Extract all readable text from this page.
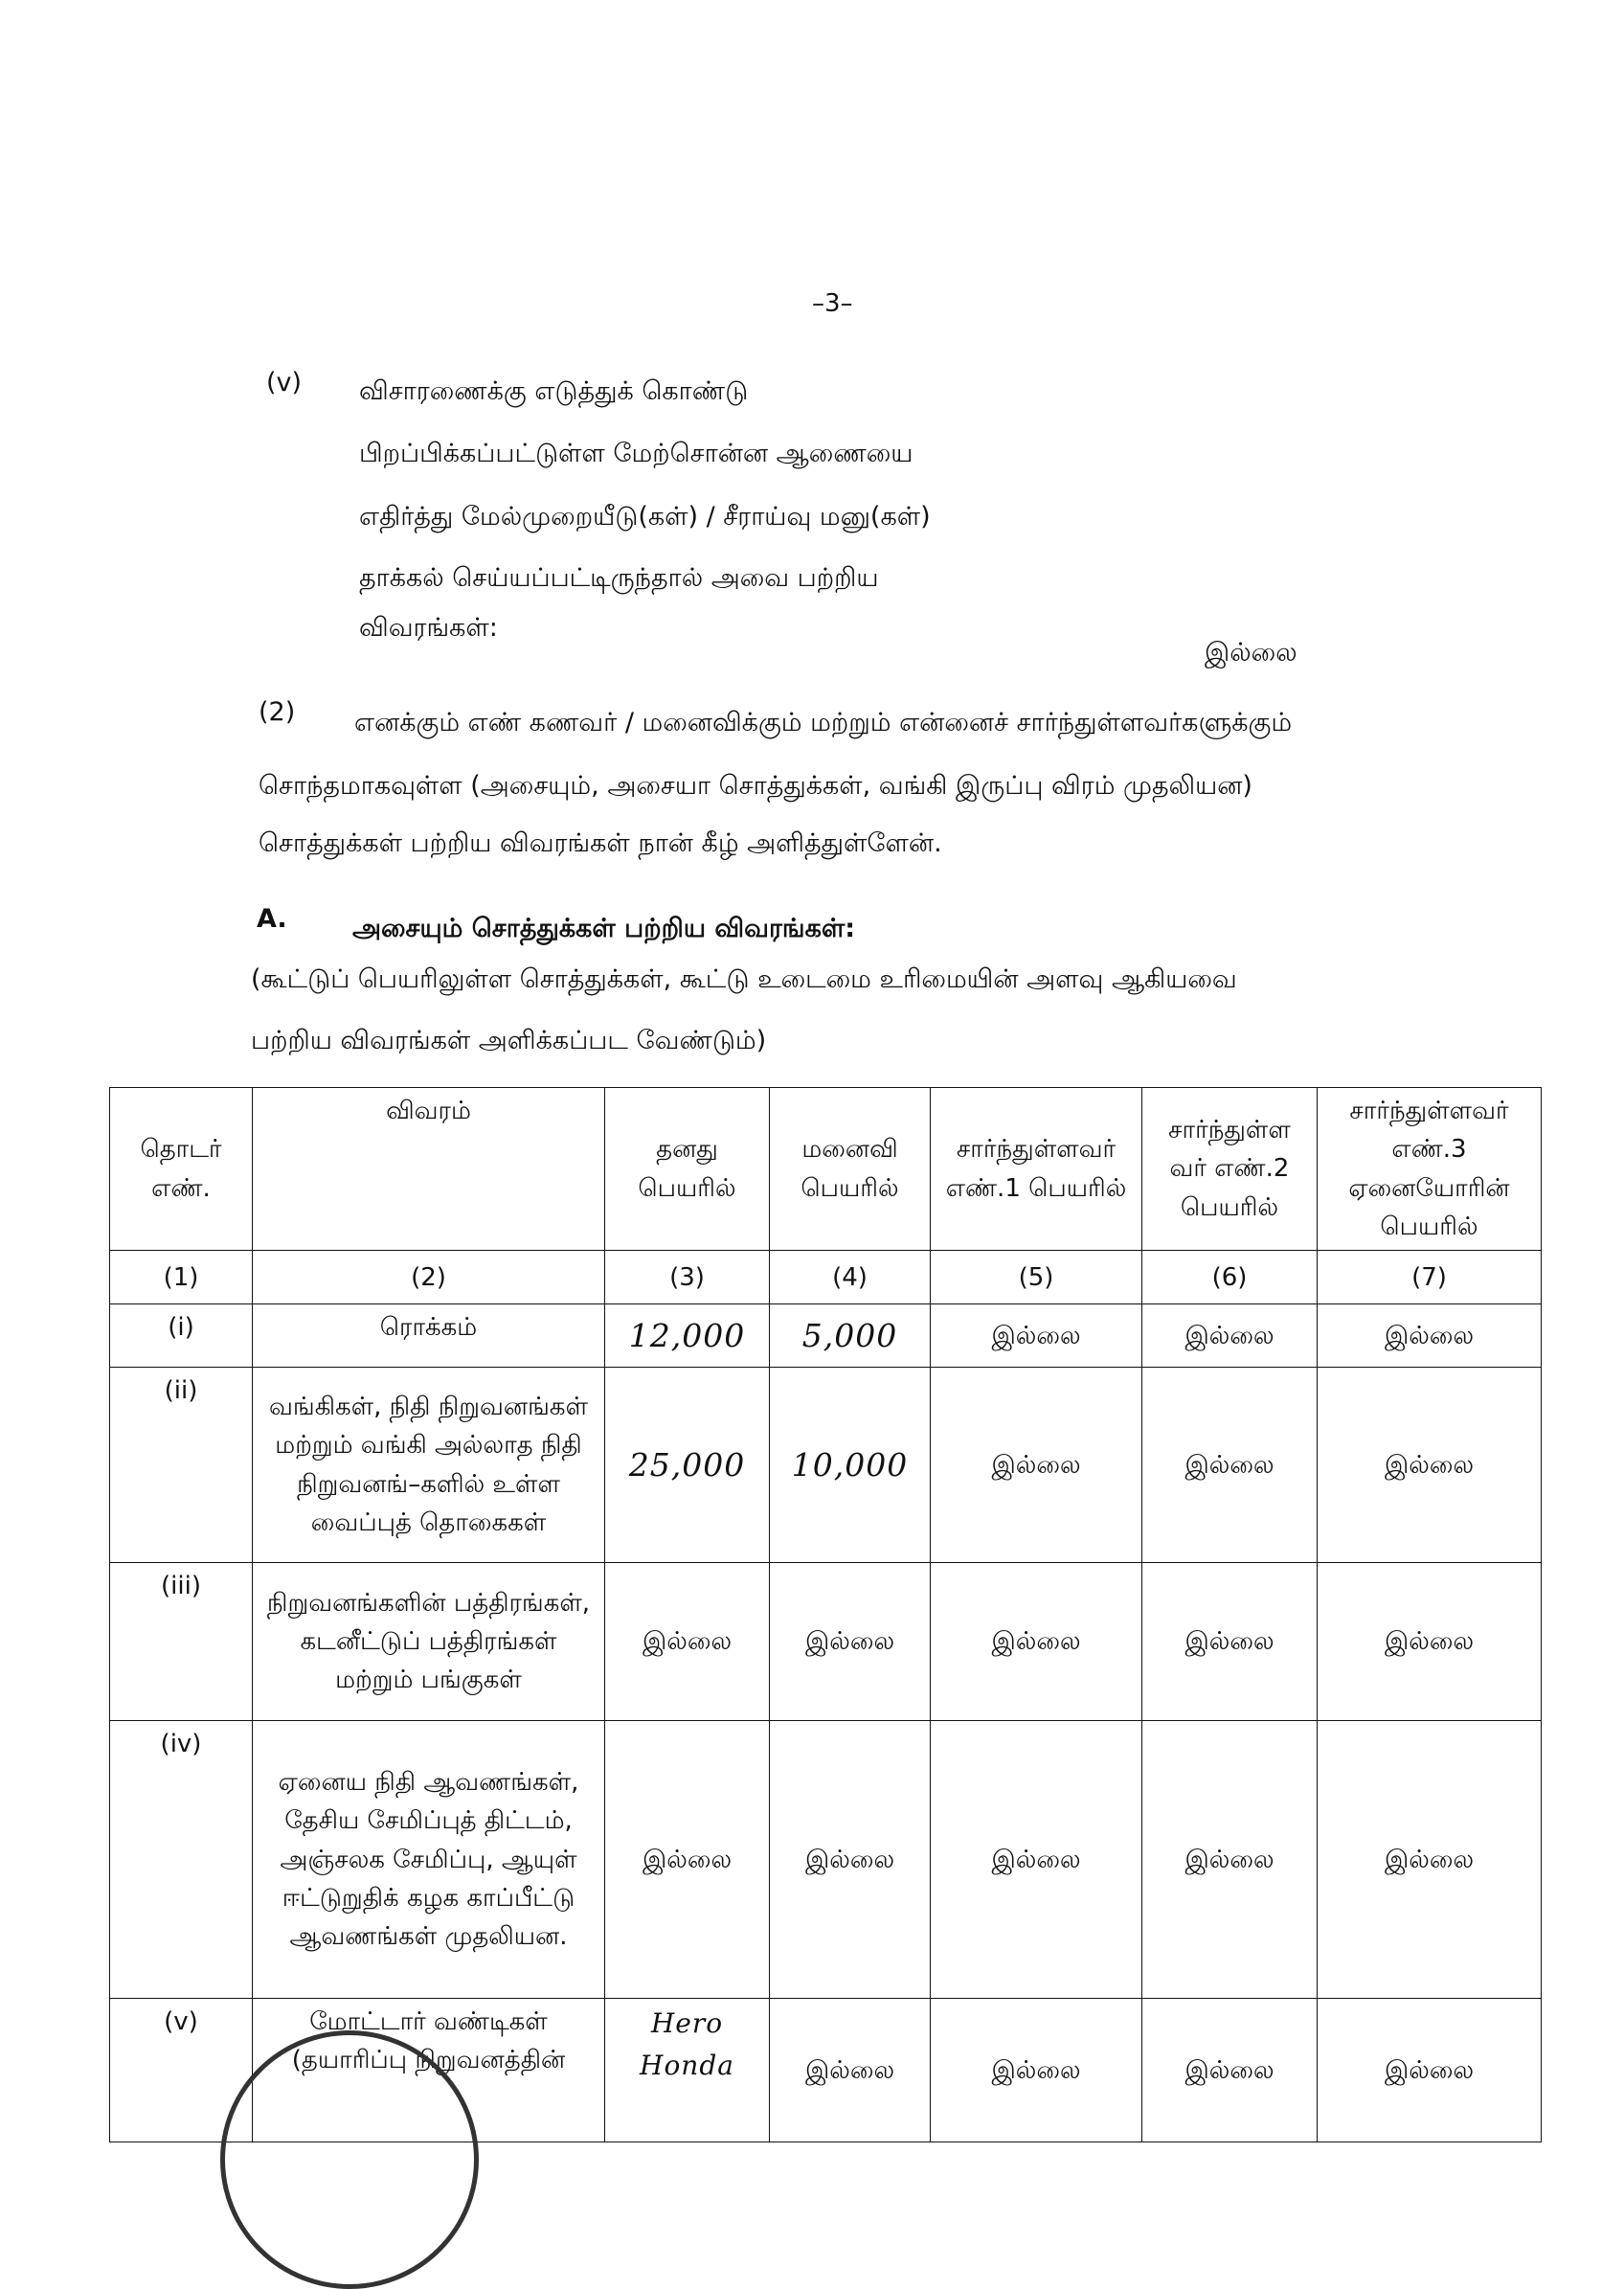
–3–
(v) விசாரணைக்கு எடுத்துக் கொண்டு
பிறப்பிக்கப்பட்டுள்ள மேற்சொன்ன ஆணையை
எதிர்த்து மேல்முறையீடு(கள்) / சீராய்வு மனு(கள்)
தாக்கல் செய்யப்பட்டிருந்தால் அவை பற்றிய
விவரங்கள்:
இல்லை
(2) எனக்கும் எண் கணவர் / மனைவிக்கும் மற்றும் என்னைச் சார்ந்துள்ளவர்களுக்கும்
சொந்தமாகவுள்ள (அசையும், அசையா சொத்துக்கள், வங்கி இருப்பு விரம் முதலியன)
சொத்துக்கள் பற்றிய விவரங்கள் நான் கீழ் அளித்துள்ளேன்.
A.	அசையும் சொத்துக்கள் பற்றிய விவரங்கள்:
(கூட்டுப் பெயரிலுள்ள சொத்துக்கள், கூட்டு உடைமை உரிமையின் அளவு ஆகியவை
பற்றிய விவரங்கள் அளிக்கப்பட வேண்டும்)
தொடர் எண்.	விவரம்	தனது பெயரில்	மனைவி பெயரில்	சார்ந்துள்ளவர் எண்.1 பெயரில்	சார்ந்துள்ள வர் எண்.2 பெயரில்	சார்ந்துள்ளவர் எண்.3 ஏனையோரின் பெயரில்
(1)	(2)	(3)	(4)	(5)	(6)	(7)
(i)	ரொக்கம்	12,000	5,000	இல்லை	இல்லை	இல்லை
(ii)	வங்கிகள், நிதி நிறுவனங்கள் மற்றும் வங்கி அல்லாத நிதி நிறுவனங்–களில் உள்ள வைப்புத் தொகைகள்	25,000	10,000	இல்லை	இல்லை	இல்லை
(iii)	நிறுவனங்களின் பத்திரங்கள், கடனீட்டுப் பத்திரங்கள் மற்றும் பங்குகள்	இல்லை	இல்லை	இல்லை	இல்லை	இல்லை
(iv)	ஏனைய நிதி ஆவணங்கள், தேசிய சேமிப்புத் திட்டம், அஞ்சலக சேமிப்பு, ஆயுள் ஈட்டுறுதிக் கழக காப்பீட்டு ஆவணங்கள் முதலியன.	இல்லை	இல்லை	இல்லை	இல்லை	இல்லை
(v)	மோட்டார் வண்டிகள் (தயாரிப்பு நிறுவனத்தின்	Hero Honda	இல்லை	இல்லை	இல்லை	இல்லை
